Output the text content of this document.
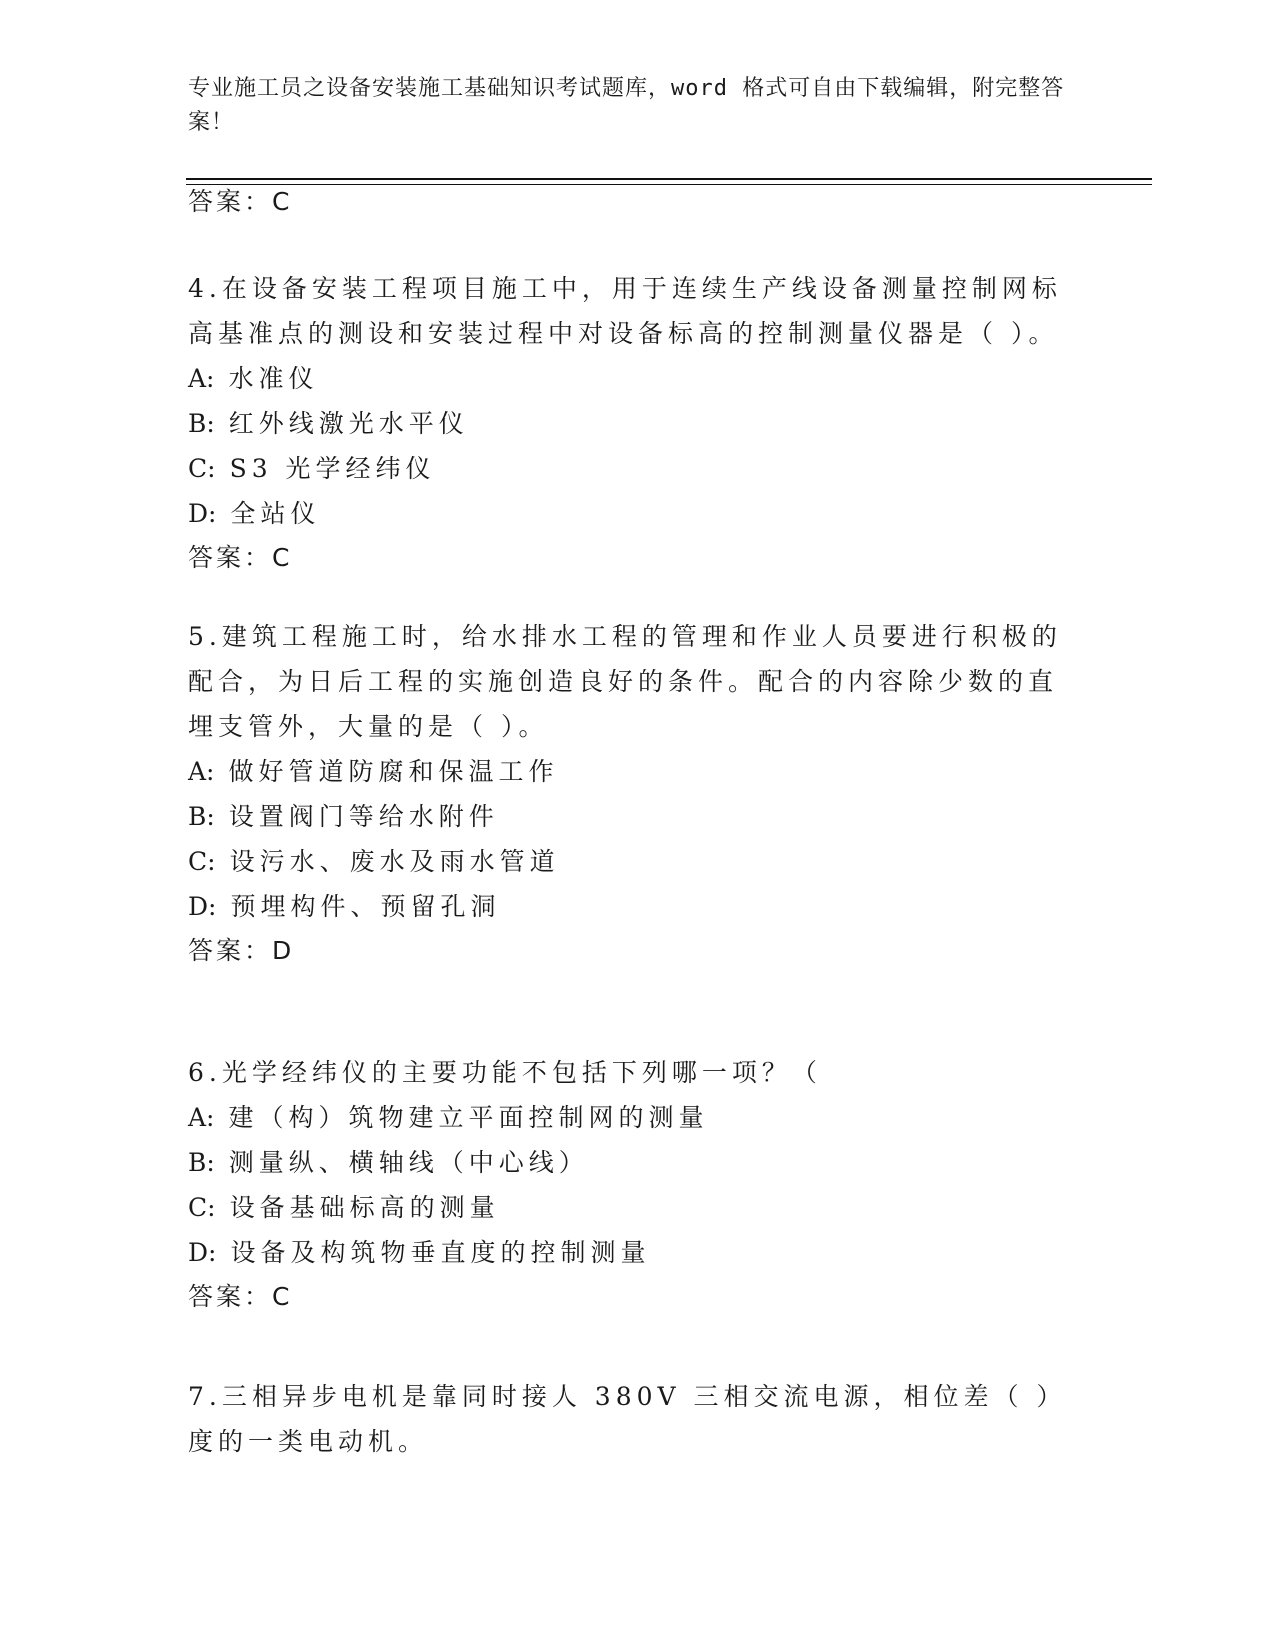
专业施工员之设备安装施工基础知识考试题库，word 格式可自由下载编辑，附完整答案！
答案：C
4.在设备安装工程项目施工中，用于连续生产线设备测量控制网标高基准点的测设和安装过程中对设备标高的控制测量仪器是（ ）。
A: 水准仪
B: 红外线激光水平仪
C: S3 光学经纬仪
D: 全站仪
答案：C
5.建筑工程施工时，给水排水工程的管理和作业人员要进行积极的配合，为日后工程的实施创造良好的条件。配合的内容除少数的直埋支管外，大量的是（ ）。
A: 做好管道防腐和保温工作
B: 设置阀门等给水附件
C: 设污水、废水及雨水管道
D: 预埋构件、预留孔洞
答案：D
6.光学经纬仪的主要功能不包括下列哪一项？（
A: 建（构）筑物建立平面控制网的测量
B: 测量纵、横轴线（中心线）
C: 设备基础标高的测量
D: 设备及构筑物垂直度的控制测量
答案：C
7.三相异步电机是靠同时接人 380V 三相交流电源，相位差（ ）度的一类电动机。
